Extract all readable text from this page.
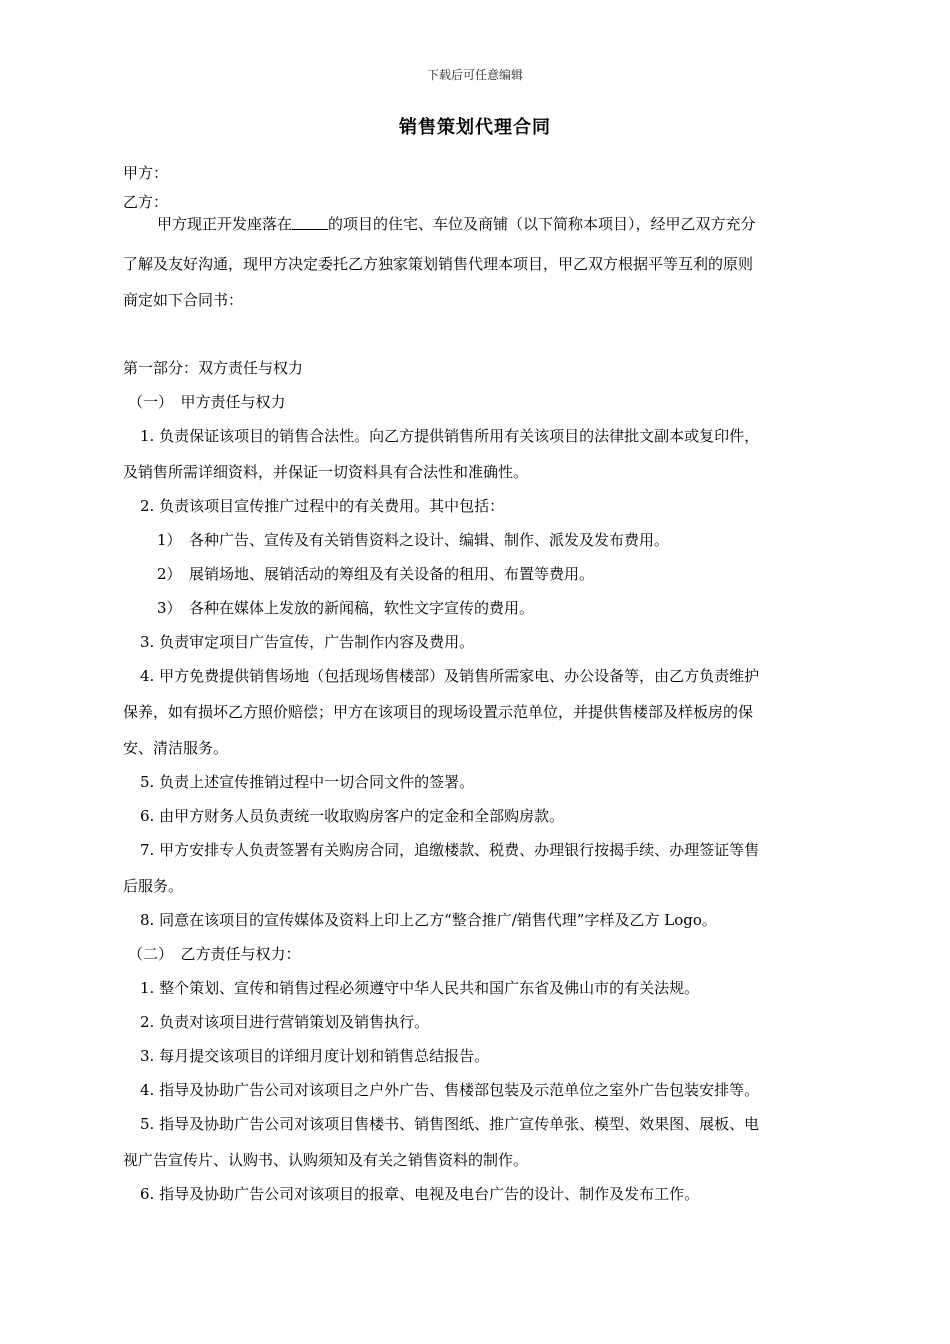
下载后可任意编辑
销售策划代理合同
甲方：
乙方：
甲方现正开发座落在 的项目的住宅、车位及商铺（以下简称本项目），经甲乙双方充分
了解及友好沟通，现甲方决定委托乙方独家策划销售代理本项目，甲乙双方根据平等互利的原则
商定如下合同书：
第一部分：双方责任与权力
（一）　甲方责任与权力
1. 负责保证该项目的销售合法性。向乙方提供销售所用有关该项目的法律批文副本或复印件，
及销售所需详细资料，并保证一切资料具有合法性和准确性。
2. 负责该项目宣传推广过程中的有关费用。其中包括：
1）　各种广告、宣传及有关销售资料之设计、编辑、制作、派发及发布费用。
2）　展销场地、展销活动的筹组及有关设备的租用、布置等费用。
3）　各种在媒体上发放的新闻稿，软性文字宣传的费用。
3. 负责审定项目广告宣传，广告制作内容及费用。
4. 甲方免费提供销售场地（包括现场售楼部）及销售所需家电、办公设备等，由乙方负责维护
保养，如有损坏乙方照价赔偿；甲方在该项目的现场设置示范单位，并提供售楼部及样板房的保
安、清洁服务。
5. 负责上述宣传推销过程中一切合同文件的签署。
6. 由甲方财务人员负责统一收取购房客户的定金和全部购房款。
7. 甲方安排专人负责签署有关购房合同，追缴楼款、税费、办理银行按揭手续、办理签证等售
后服务。
8. 同意在该项目的宣传媒体及资料上印上乙方“整合推广/销售代理”字样及乙方 Logo。
（二）　乙方责任与权力：
1. 整个策划、宣传和销售过程必须遵守中华人民共和国广东省及佛山市的有关法规。
2. 负责对该项目进行营销策划及销售执行。
3. 每月提交该项目的详细月度计划和销售总结报告。
4. 指导及协助广告公司对该项目之户外广告、售楼部包装及示范单位之室外广告包装安排等。
5. 指导及协助广告公司对该项目售楼书、销售图纸、推广宣传单张、模型、效果图、展板、电
视广告宣传片、认购书、认购须知及有关之销售资料的制作。
6. 指导及协助广告公司对该项目的报章、电视及电台广告的设计、制作及发布工作。
